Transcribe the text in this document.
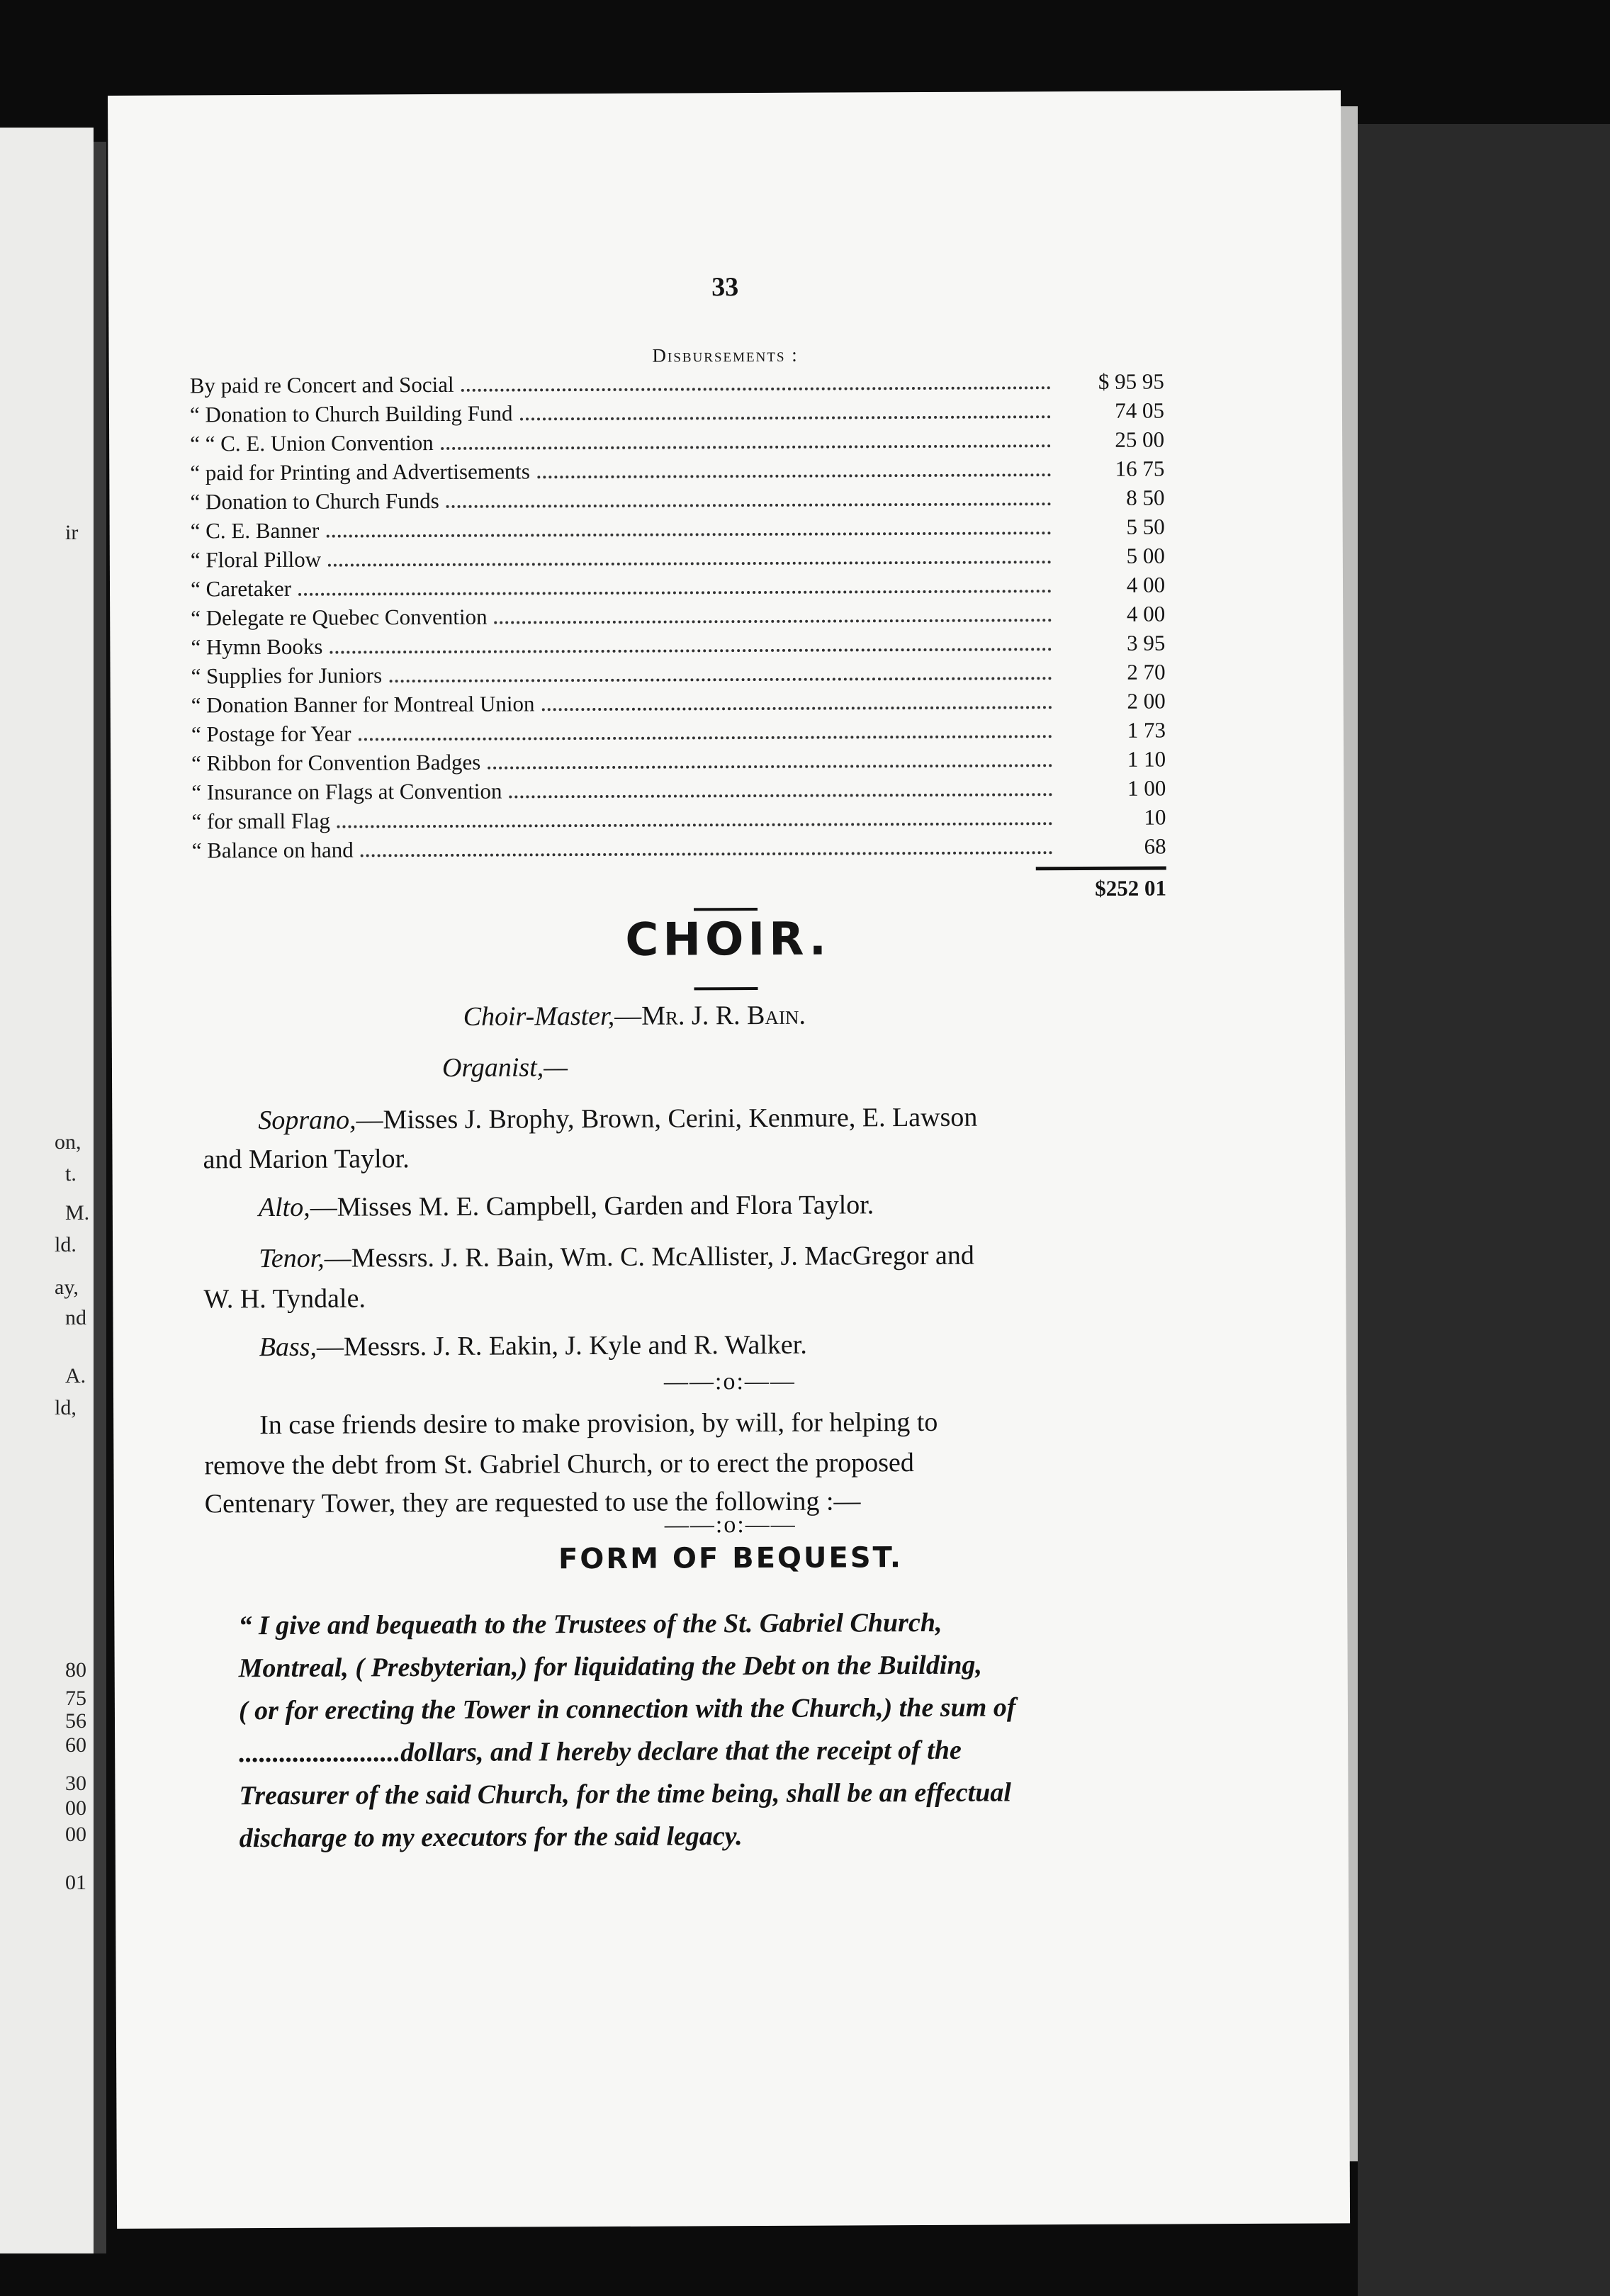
ir
on,
t.
M.
ld.
ay,
nd
A.
ld,
80
75
56
60
30
00
00
01
33
Disbursements :
By paid re Concert and Social	$ 95 95
“ Donation to Church Building Fund	74 05
“ “ C. E. Union Convention	25 00
“ paid for Printing and Advertisements	16 75
“ Donation to Church Funds	8 50
“ C. E. Banner	5 50
“ Floral Pillow	5 00
“ Caretaker	4 00
“ Delegate re Quebec Convention	4 00
“ Hymn Books	3 95
“ Supplies for Juniors	2 70
“ Donation Banner for Montreal Union	2 00
“ Postage for Year	1 73
“ Ribbon for Convention Badges	1 10
“ Insurance on Flags at Convention	1 00
“ for small Flag	10
“ Balance on hand	68
$252 01
CHOIR.
Choir-Master,—Mr. J. R. Bain.
Organist,—
Soprano,—Misses J. Brophy, Brown, Cerini, Kenmure, E. Lawson
and Marion Taylor.
Alto,—Misses M. E. Campbell, Garden and Flora Taylor.
Tenor,—Messrs. J. R. Bain, Wm. C. McAllister, J. MacGregor and
W. H. Tyndale.
Bass,—Messrs. J. R. Eakin, J. Kyle and R. Walker.
——:o:——
In case friends desire to make provision, by will, for helping to
remove the debt from St. Gabriel Church, or to erect the proposed
Centenary Tower, they are requested to use the following :—
——:o:——
FORM OF BEQUEST.
“ I give and bequeath to the Trustees of the St. Gabriel Church,
Montreal, ( Presbyterian,) for liquidating the Debt on the Building,
( or for erecting the Tower in connection with the Church,) the sum of
........................dollars, and I hereby declare that the receipt of the
Treasurer of the said Church, for the time being, shall be an effectual
discharge to my executors for the said legacy.
